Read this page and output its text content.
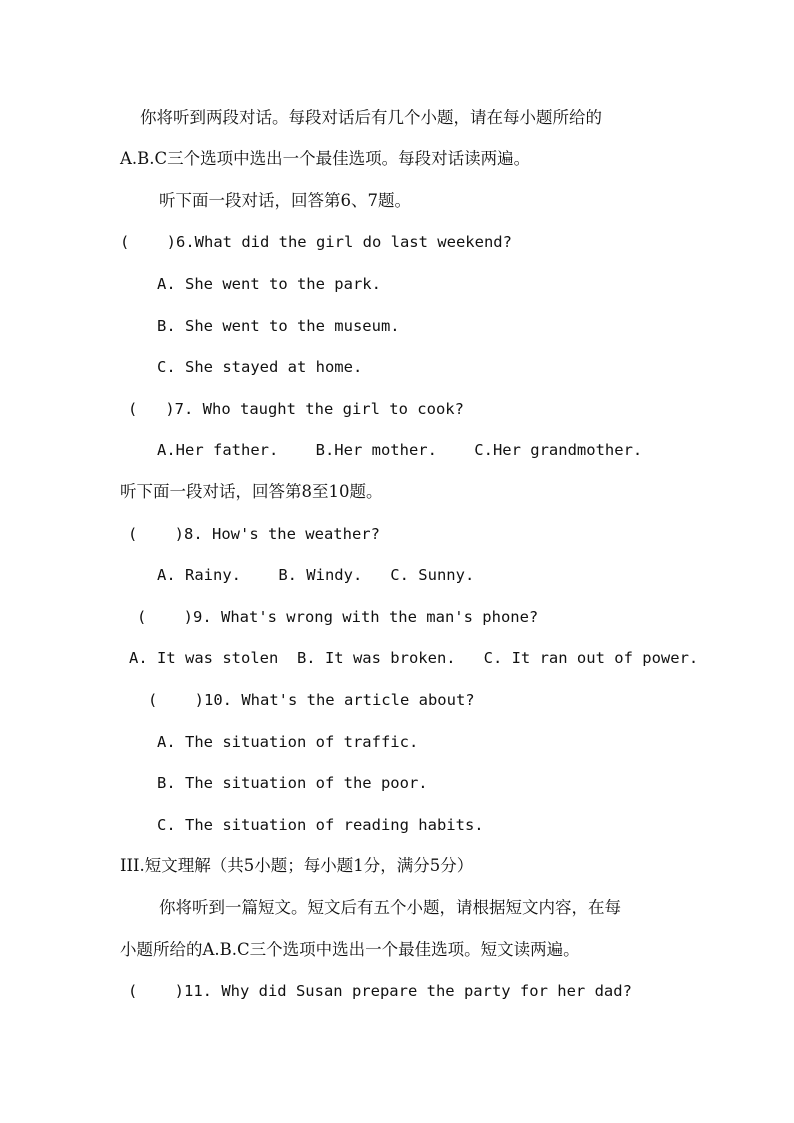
你将听到两段对话。每段对话后有几个小题，请在每小题所给的
A.B.C三个选项中选出一个最佳选项。每段对话读两遍。
听下面一段对话，回答第6、7题。
(    )6.What did the girl do last weekend?
A. She went to the park.
B. She went to the museum.
C. She stayed at home.
(   )7. Who taught the girl to cook?
A.Her father.    B.Her mother.    C.Her grandmother.
听下面一段对话，回答第8至10题。
(    )8. How's the weather?
A. Rainy.    B. Windy.   C. Sunny.
(    )9. What's wrong with the man's phone?
A. It was stolen  B. It was broken.   C. It ran out of power.
(    )10. What's the article about?
A. The situation of traffic.
B. The situation of the poor.
C. The situation of reading habits.
III.短文理解（共5小题；每小题1分，满分5分）
你将听到一篇短文。短文后有五个小题，请根据短文内容，在每
小题所给的A.B.C三个选项中选出一个最佳选项。短文读两遍。
(    )11. Why did Susan prepare the party for her dad?
